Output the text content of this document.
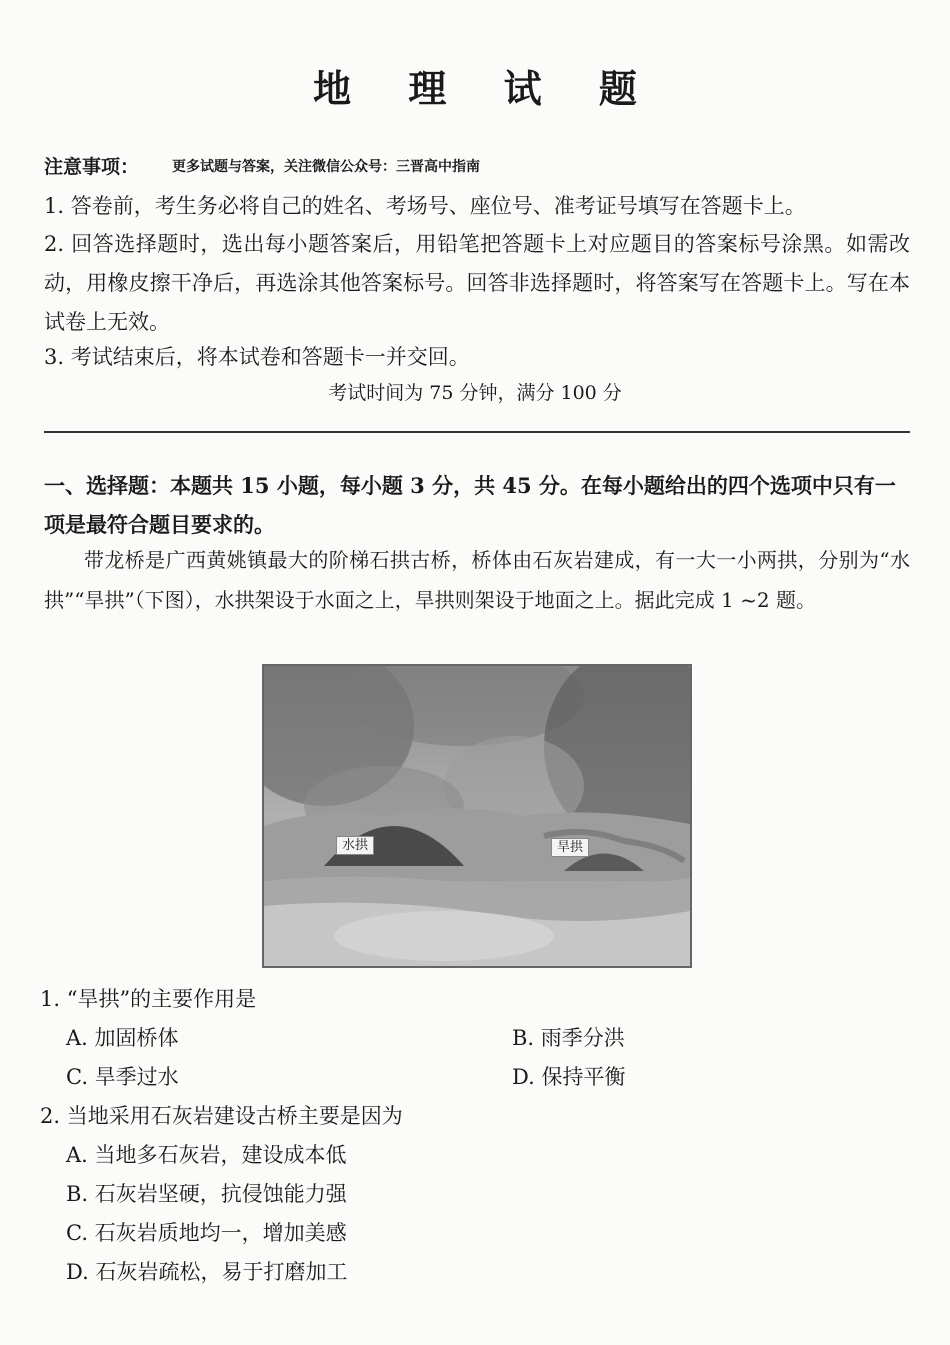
地 理 试 题
注意事项： 更多试题与答案，关注微信公众号：三晋高中指南
1. 答卷前，考生务必将自己的姓名、考场号、座位号、准考证号填写在答题卡上。
2. 回答选择题时，选出每小题答案后，用铅笔把答题卡上对应题目的答案标号涂黑。如需改动，用橡皮擦干净后，再选涂其他答案标号。回答非选择题时，将答案写在答题卡上。写在本试卷上无效。
3. 考试结束后，将本试卷和答题卡一并交回。
考试时间为 75 分钟，满分 100 分
一、选择题：本题共 15 小题，每小题 3 分，共 45 分。在每小题给出的四个选项中只有一项是最符合题目要求的。
带龙桥是广西黄姚镇最大的阶梯石拱古桥，桥体由石灰岩建成，有一大一小两拱，分别为“水拱”“旱拱”（下图），水拱架设于水面之上，旱拱则架设于地面之上。据此完成 1 ~2 题。
水拱	旱拱
1. “旱拱”的主要作用是
A. 加固桥体	B. 雨季分洪
C. 旱季过水	D. 保持平衡
2. 当地采用石灰岩建设古桥主要是因为
A. 当地多石灰岩，建设成本低
B. 石灰岩坚硬，抗侵蚀能力强
C. 石灰岩质地均一，增加美感
D. 石灰岩疏松，易于打磨加工
